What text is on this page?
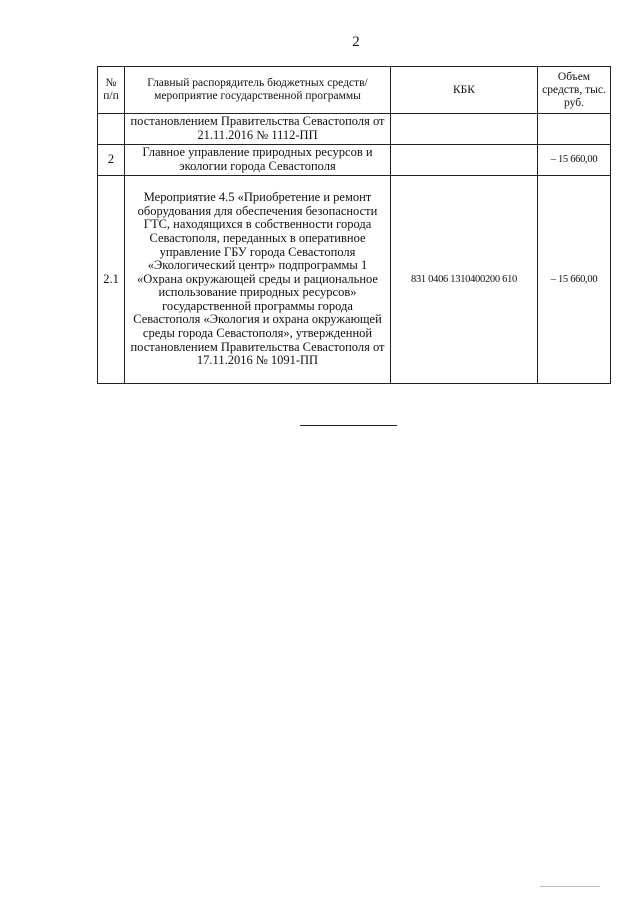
2
№
п/п	Главный распорядитель бюджетных средств/мероприятие государственной программы	КБК	Объем средств, тыс. руб.
	постановлением Правительства Севастополя от 21.11.2016 № 1112-ПП		
2	Главное управление природных ресурсов и экологии города Севастополя		– 15 660,00
2.1	Мероприятие 4.5 «Приобретение и ремонт оборудования для обеспечения безопасности ГТС, находящихся в собственности города Севастополя, переданных в оперативное управление ГБУ города Севастополя «Экологический центр» подпрограммы 1 «Охрана окружающей среды и рациональное использование природных ресурсов» государственной программы города Севастополя «Экология и охрана окружающей среды города Севастополя», утвержденной постановлением Правительства Севастополя от 17.11.2016 № 1091-ПП	831 0406 1310400200 610	– 15 660,00
